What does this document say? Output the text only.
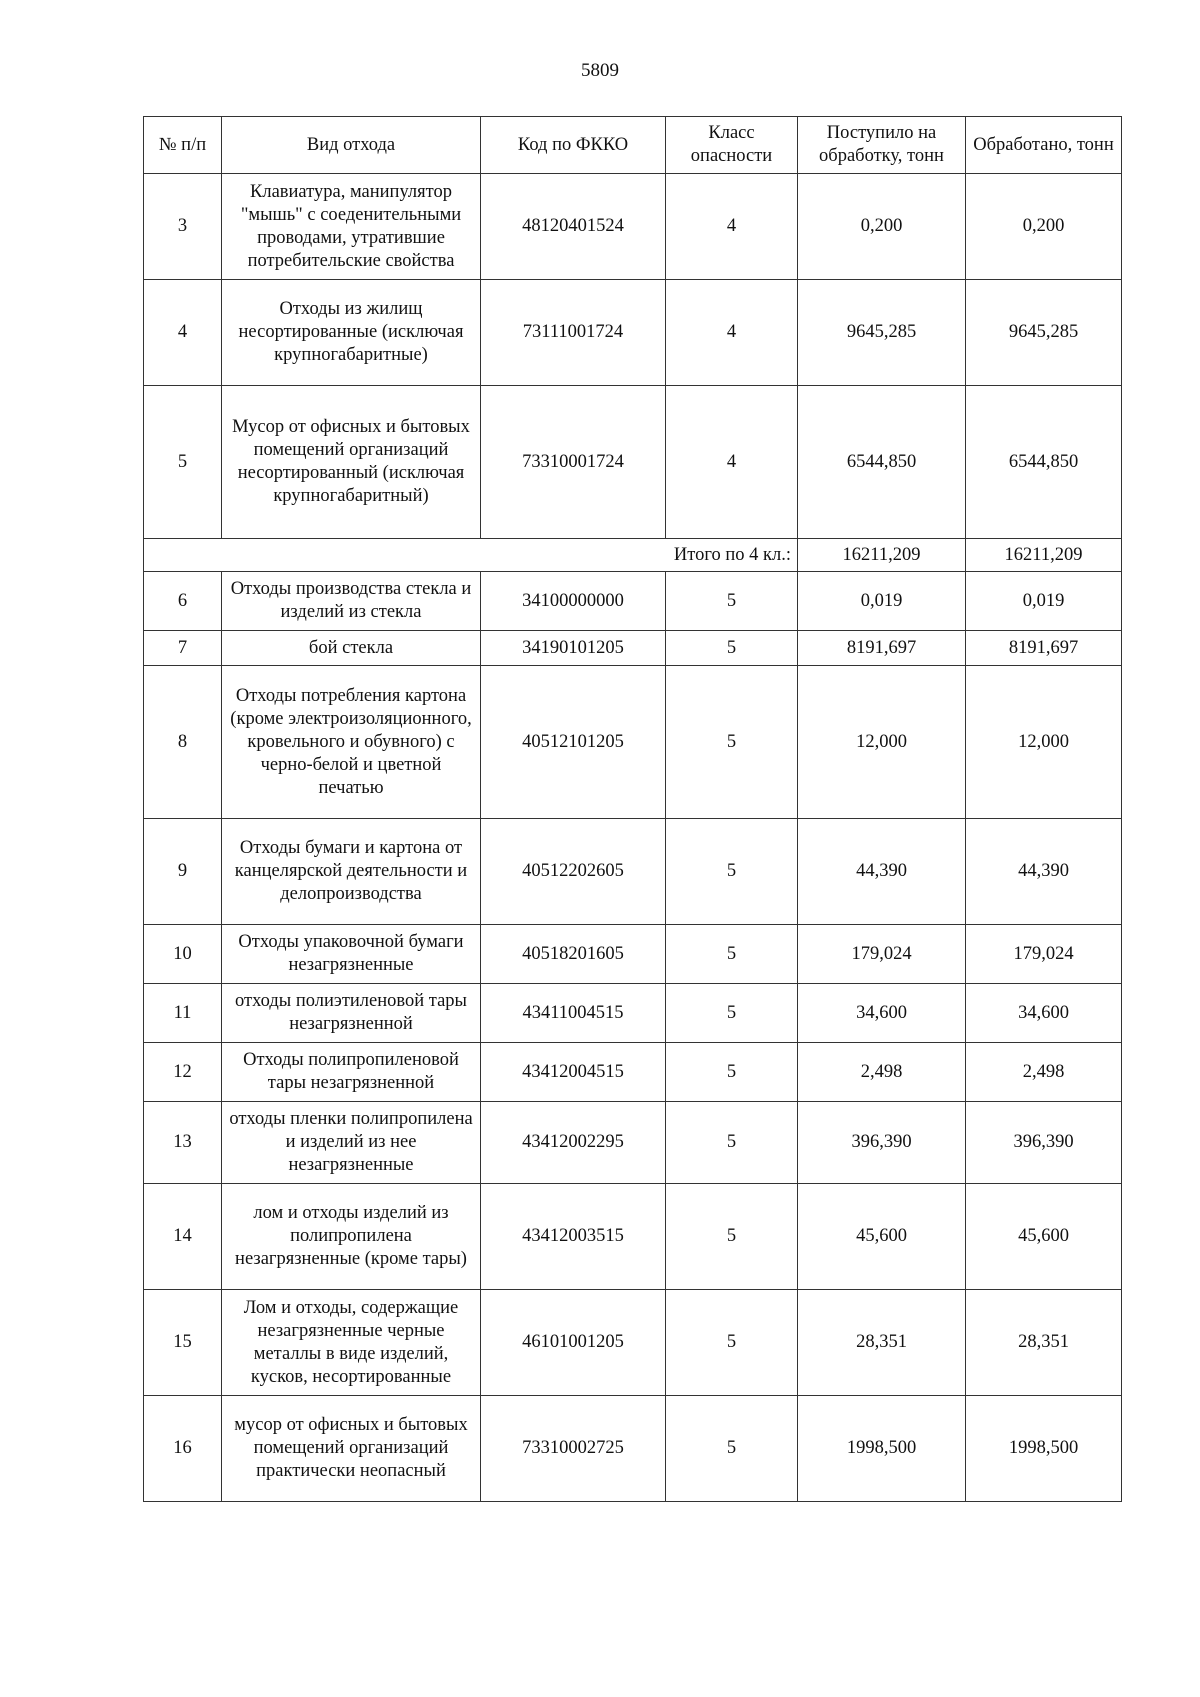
5809
№ п/п	Вид отхода	Код по ФККО	Класс опасности	Поступило на обработку, тонн	Обработано, тонн
3	Клавиатура, манипулятор "мышь" с соеденительными проводами, утратившие потребительские свойства	48120401524	4	0,200	0,200
4	Отходы из жилищ несортированные (исключая крупногабаритные)	73111001724	4	9645,285	9645,285
5	Мусор от офисных и бытовых помещений организаций несортированный (исключая крупногабаритный)	73310001724	4	6544,850	6544,850
Итого по 4 кл.:				16211,209	16211,209
6	Отходы производства стекла и изделий из стекла	34100000000	5	0,019	0,019
7	бой стекла	34190101205	5	8191,697	8191,697
8	Отходы потребления картона (кроме электроизоляционного, кровельного и обувного) с черно-белой и цветной печатью	40512101205	5	12,000	12,000
9	Отходы бумаги и картона от канцелярской деятельности и делопроизводства	40512202605	5	44,390	44,390
10	Отходы упаковочной бумаги незагрязненные	40518201605	5	179,024	179,024
11	отходы полиэтиленовой тары незагрязненной	43411004515	5	34,600	34,600
12	Отходы полипропиленовой тары незагрязненной	43412004515	5	2,498	2,498
13	отходы пленки полипропилена и изделий из нее незагрязненные	43412002295	5	396,390	396,390
14	лом и отходы изделий из полипропилена незагрязненные (кроме тары)	43412003515	5	45,600	45,600
15	Лом и отходы, содержащие незагрязненные черные металлы в виде изделий, кусков, несортированные	46101001205	5	28,351	28,351
16	мусор от офисных и бытовых помещений организаций практически неопасный	73310002725	5	1998,500	1998,500
